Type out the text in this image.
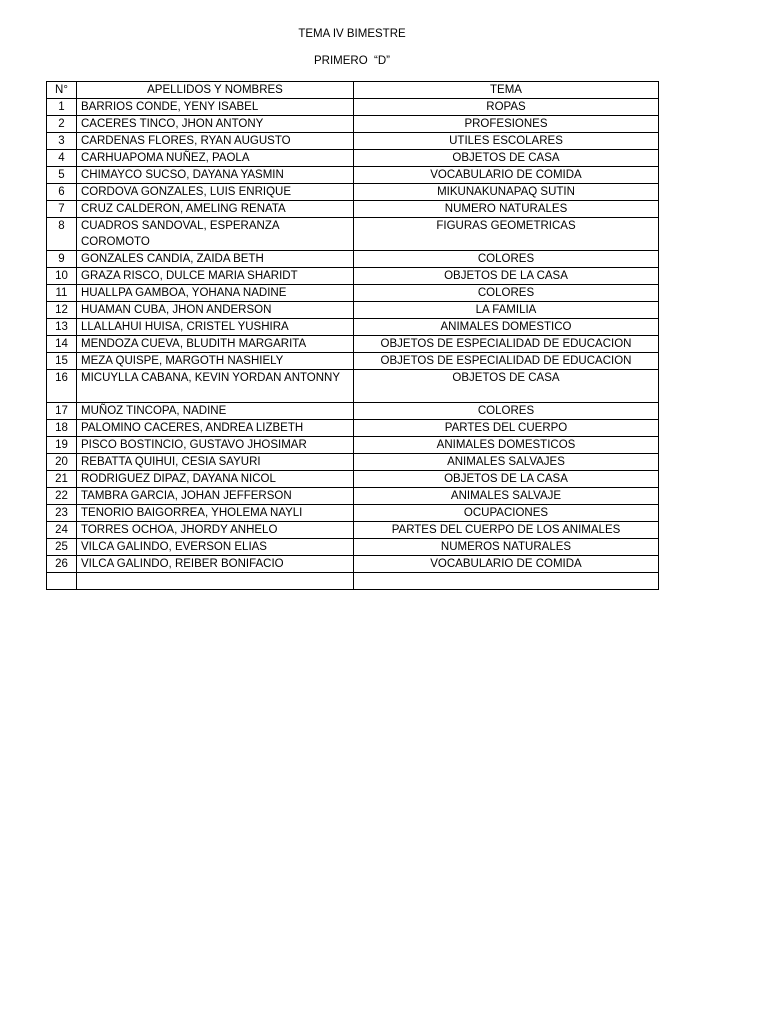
TEMA IV BIMESTRE
PRIMERO  “D”
N°	APELLIDOS Y NOMBRES	TEMA
1	BARRIOS CONDE, YENY ISABEL	ROPAS
2	CACERES TINCO, JHON ANTONY	PROFESIONES
3	CARDENAS FLORES, RYAN AUGUSTO	UTILES ESCOLARES
4	CARHUAPOMA NUÑEZ, PAOLA	OBJETOS DE CASA
5	CHIMAYCO SUCSO, DAYANA YASMIN	VOCABULARIO DE COMIDA
6	CORDOVA GONZALES, LUIS ENRIQUE	MIKUNAKUNAPAQ SUTIN
7	CRUZ CALDERON, AMELING RENATA	NUMERO NATURALES
8	CUADROS SANDOVAL, ESPERANZA COROMOTO	FIGURAS GEOMETRICAS
9	GONZALES CANDIA, ZAIDA BETH	COLORES
10	GRAZA RISCO, DULCE MARIA SHARIDT	OBJETOS DE LA CASA
11	HUALLPA GAMBOA, YOHANA NADINE	COLORES
12	HUAMAN CUBA, JHON ANDERSON	LA FAMILIA
13	LLALLAHUI HUISA, CRISTEL YUSHIRA	ANIMALES DOMESTICO
14	MENDOZA CUEVA, BLUDITH MARGARITA	OBJETOS DE ESPECIALIDAD DE EDUCACION
15	MEZA QUISPE, MARGOTH NASHIELY	OBJETOS DE ESPECIALIDAD DE EDUCACION
16	MICUYLLA CABANA, KEVIN YORDAN ANTONNY	OBJETOS DE CASA
17	MUÑOZ TINCOPA, NADINE	COLORES
18	PALOMINO CACERES, ANDREA LIZBETH	PARTES DEL CUERPO
19	PISCO BOSTINCIO, GUSTAVO JHOSIMAR	ANIMALES DOMESTICOS
20	REBATTA QUIHUI, CESIA SAYURI	ANIMALES SALVAJES
21	RODRIGUEZ DIPAZ, DAYANA NICOL	OBJETOS DE LA CASA
22	TAMBRA GARCIA, JOHAN JEFFERSON	ANIMALES SALVAJE
23	TENORIO BAIGORREA, YHOLEMA NAYLI	OCUPACIONES
24	TORRES OCHOA, JHORDY ANHELO	PARTES DEL CUERPO DE LOS ANIMALES
25	VILCA GALINDO, EVERSON ELIAS	NUMEROS NATURALES
26	VILCA GALINDO, REIBER BONIFACIO	VOCABULARIO DE COMIDA
